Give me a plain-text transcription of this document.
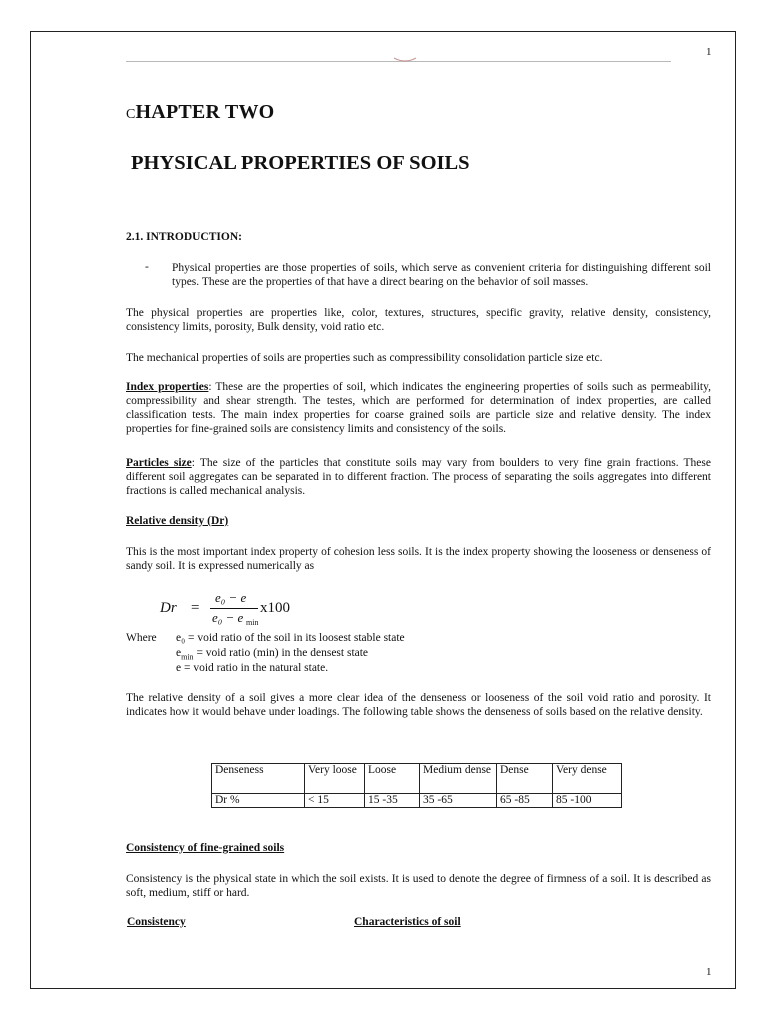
1
CHAPTER TWO
PHYSICAL PROPERTIES OF SOILS
2.1. INTRODUCTION:
- Physical properties are those properties of soils, which serve as convenient criteria for distinguishing different soil types. These are the properties of that have a direct bearing on the behavior of soil masses.

The physical properties are properties like, color, textures, structures, specific gravity, relative density, consistency, consistency limits, porosity, Bulk density, void ratio etc.

The mechanical properties of soils are properties such as compressibility consolidation particle size etc.

Index properties: These are the properties of soil, which indicates the engineering properties of soils such as permeability, compressibility and shear strength. The testes, which are performed for determination of index properties, are called classification tests. The main index properties for coarse grained soils are particle size and relative density. The index properties for fine-grained soils are consistency limits and consistency of the soils.

Particles size: The size of the particles that constitute soils may vary from boulders to very fine grain fractions. These different soil aggregates can be separated in to different fraction. The process of separating the soils aggregates into different fractions is called mechanical analysis.

Relative density (Dr)

This is the most important index property of cohesion less soils. It is the index property showing the looseness or denseness of sandy soil. It is expressed numerically as

Dr =
e₀ − e
e₀ − e min
x100
Where e₀ = void ratio of the soil in its loosest stable state
$e_{min}$ = void ratio (min) in the densest state
e = void ratio in the natural state.

The relative density of a soil gives a more clear idea of the denseness or looseness of the soil void ratio and porosity. It indicates how it would behave under loadings. The following table shows the denseness of soils based on the relative density.

Denseness	Very loose	Loose	Medium dense	Dense	Very dense
Dr %	< 15	15 -35	35 -65	65 -85	85 -100
Consistency of fine-grained soils

Consistency is the physical state in which the soil exists. It is used to denote the degree of firmness of a soil. It is described as soft, medium, stiff or hard.

Consistency	Characteristics of soil
1
